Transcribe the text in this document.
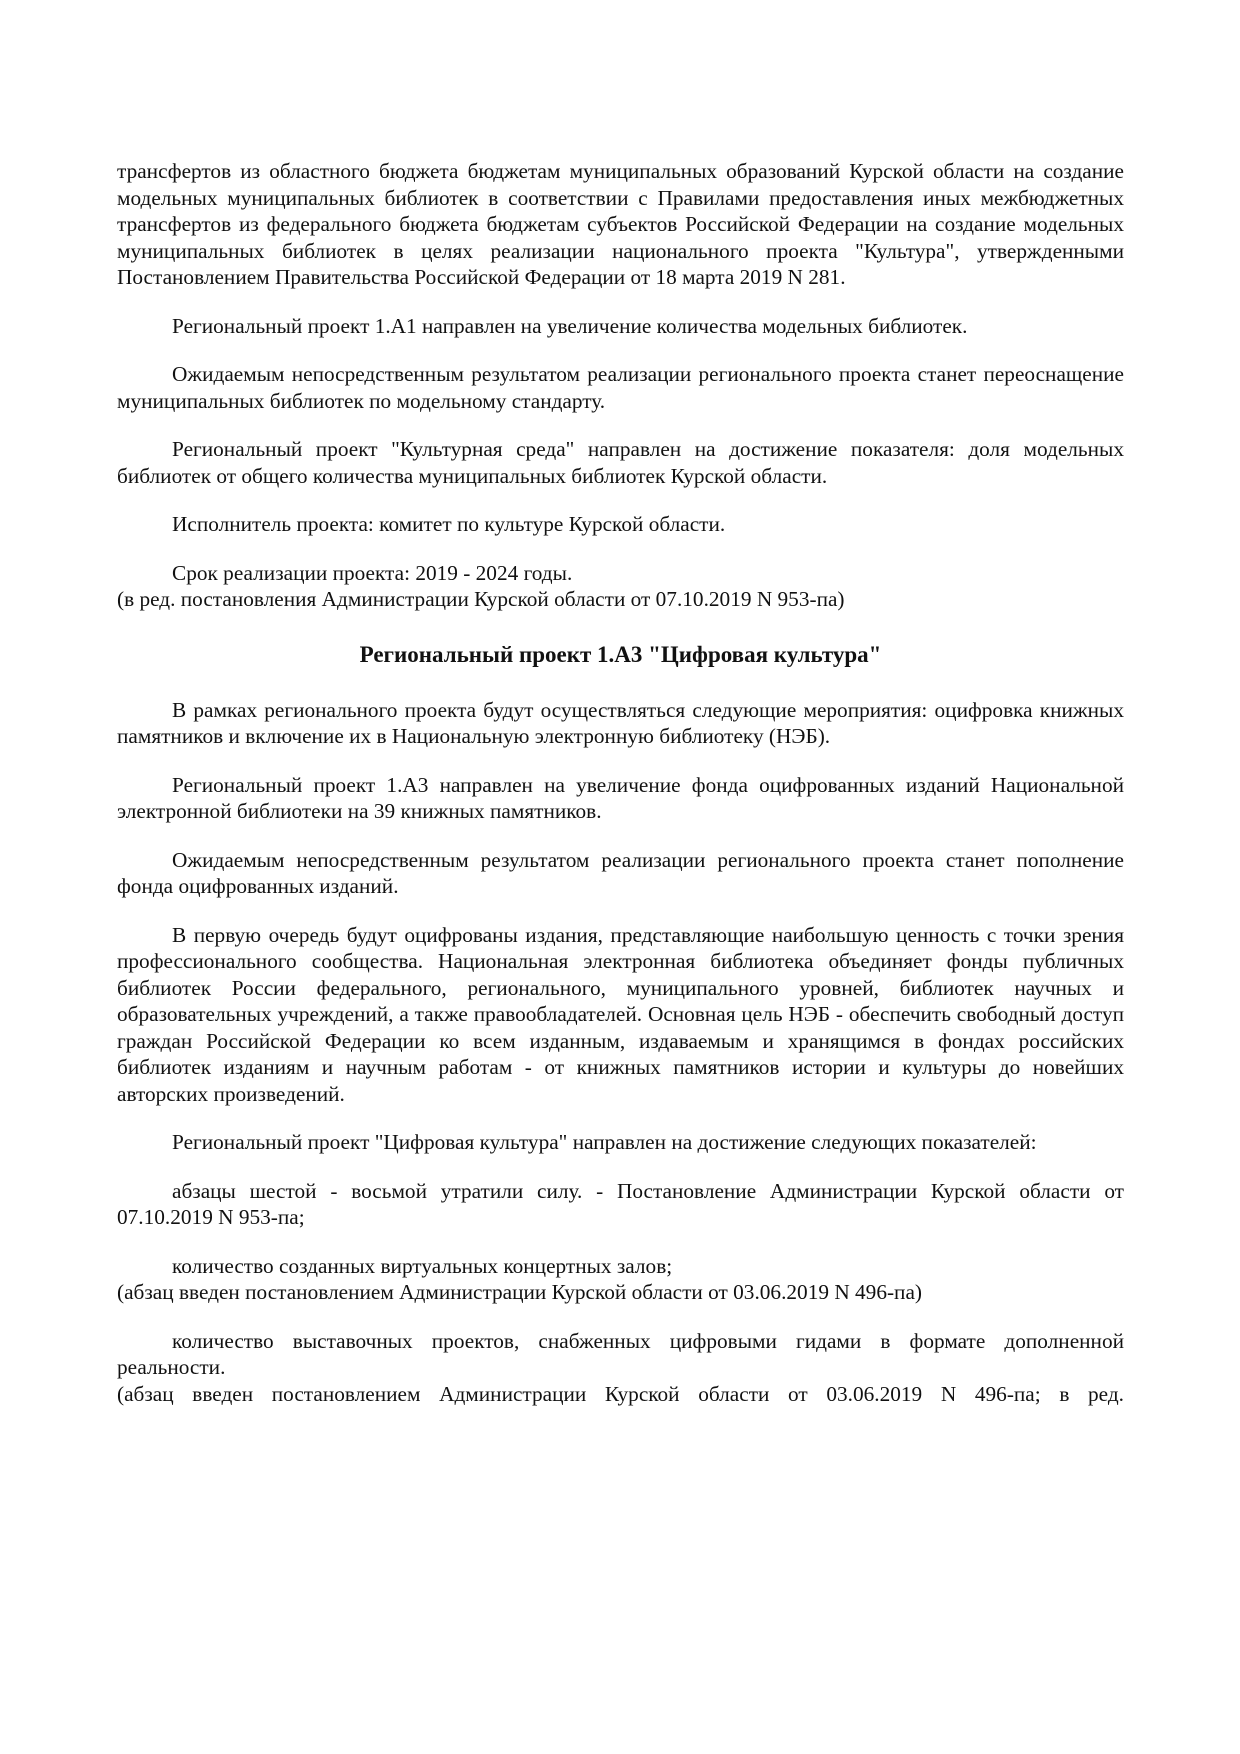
трансфертов из областного бюджета бюджетам муниципальных образований Курской области на создание модельных муниципальных библиотек в соответствии с Правилами предоставления иных межбюджетных трансфертов из федерального бюджета бюджетам субъектов Российской Федерации на создание модельных муниципальных библиотек в целях реализации национального проекта "Культура", утвержденными Постановлением Правительства Российской Федерации от 18 марта 2019 N 281.

Региональный проект 1.А1 направлен на увеличение количества модельных библиотек.

Ожидаемым непосредственным результатом реализации регионального проекта станет переоснащение муниципальных библиотек по модельному стандарту.

Региональный проект "Культурная среда" направлен на достижение показателя: доля модельных библиотек от общего количества муниципальных библиотек Курской области.

Исполнитель проекта: комитет по культуре Курской области.

Срок реализации проекта: 2019 - 2024 годы.

(в ред. постановления Администрации Курской области от 07.10.2019 N 953-па)

Региональный проект 1.А3 "Цифровая культура"

В рамках регионального проекта будут осуществляться следующие мероприятия: оцифровка книжных памятников и включение их в Национальную электронную библиотеку (НЭБ).

Региональный проект 1.А3 направлен на увеличение фонда оцифрованных изданий Национальной электронной библиотеки на 39 книжных памятников.

Ожидаемым непосредственным результатом реализации регионального проекта станет пополнение фонда оцифрованных изданий.

В первую очередь будут оцифрованы издания, представляющие наибольшую ценность с точки зрения профессионального сообщества. Национальная электронная библиотека объединяет фонды публичных библиотек России федерального, регионального, муниципального уровней, библиотек научных и образовательных учреждений, а также правообладателей. Основная цель НЭБ - обеспечить свободный доступ граждан Российской Федерации ко всем изданным, издаваемым и хранящимся в фондах российских библиотек изданиям и научным работам - от книжных памятников истории и культуры до новейших авторских произведений.

Региональный проект "Цифровая культура" направлен на достижение следующих показателей:

абзацы шестой - восьмой утратили силу. - Постановление Администрации Курской области от 07.10.2019 N 953-па;

количество созданных виртуальных концертных залов;

(абзац введен постановлением Администрации Курской области от 03.06.2019 N 496-па)

количество выставочных проектов, снабженных цифровыми гидами в формате дополненной реальности.

(абзац введен постановлением Администрации Курской области от 03.06.2019 N 496-па; в ред.
